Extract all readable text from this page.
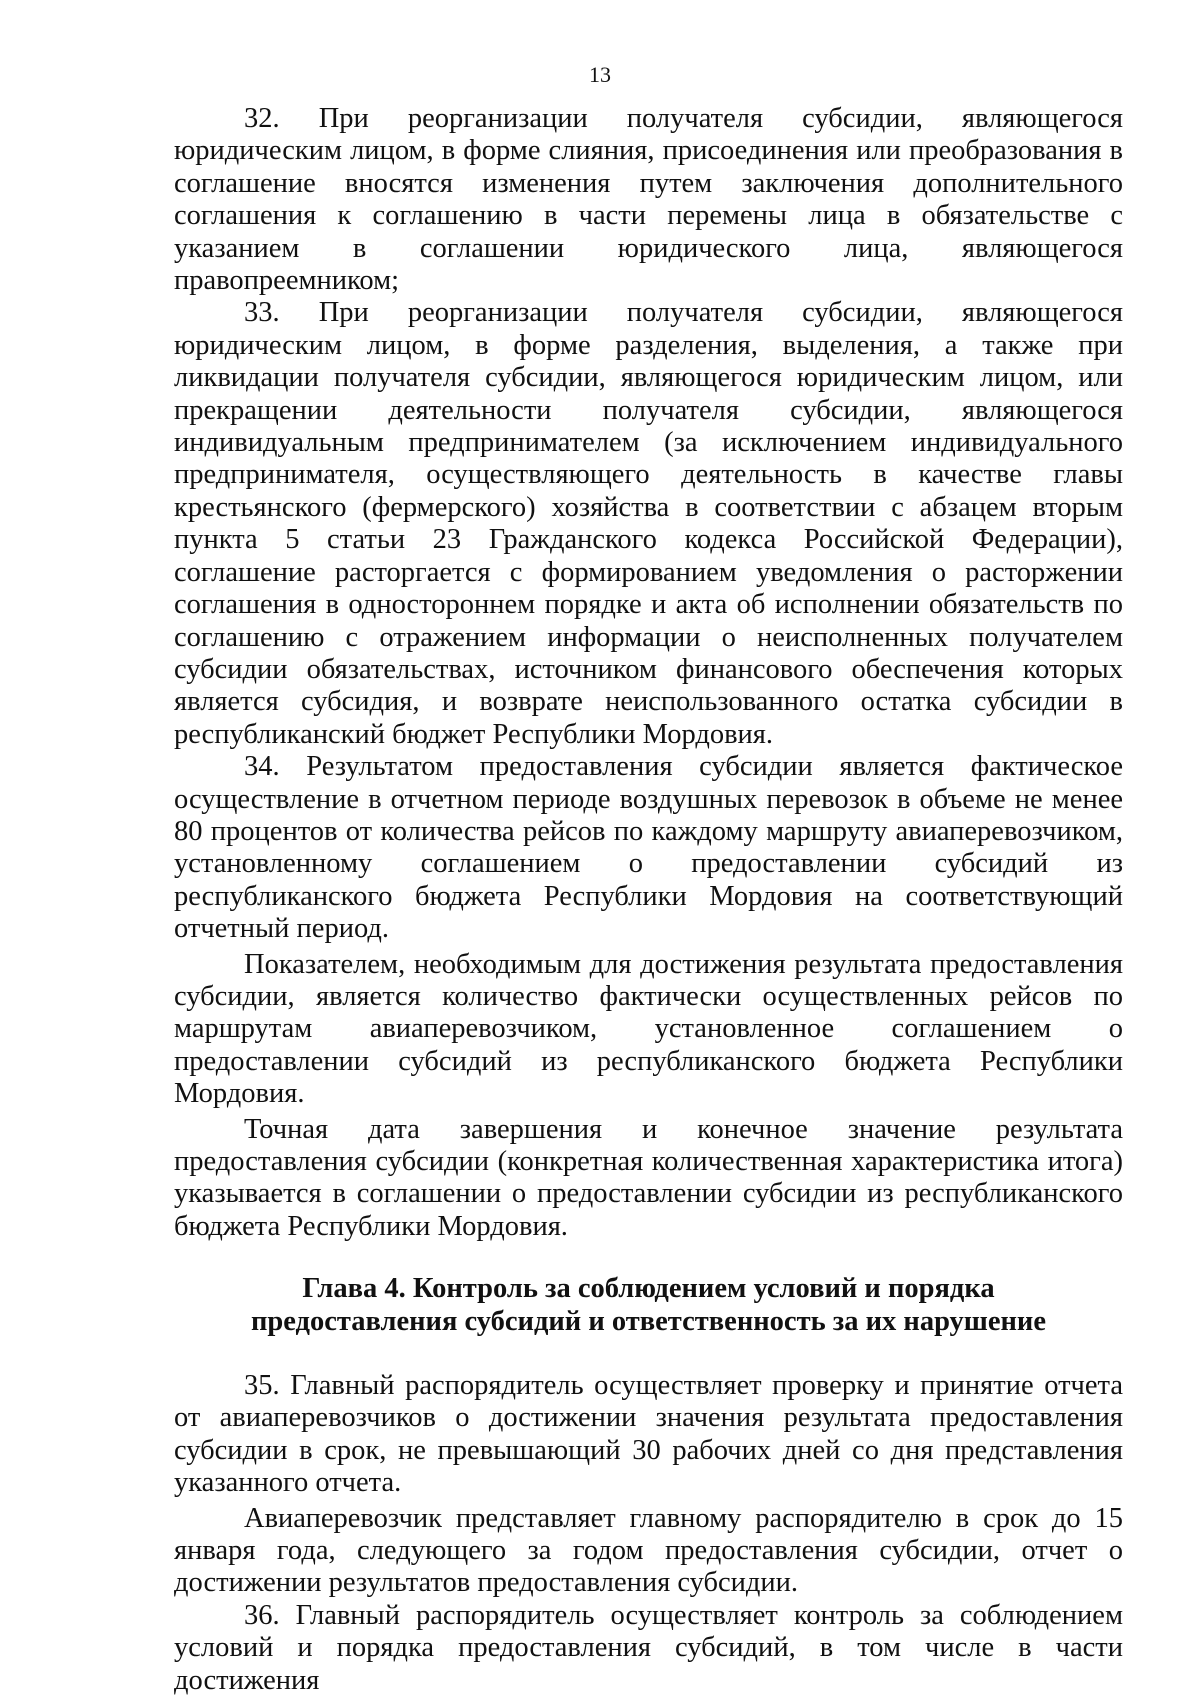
13

32. При реорганизации получателя субсидии, являющегося юридическим лицом, в форме слияния, присоединения или преобразования в соглашение вносятся изменения путем заключения дополнительного соглашения к соглашению в части перемены лица в обязательстве с указанием в соглашении юридического лица, являющегося правопреемником;

33. При реорганизации получателя субсидии, являющегося юридическим лицом, в форме разделения, выделения, а также при ликвидации получателя субсидии, являющегося юридическим лицом, или прекращении деятельности получателя субсидии, являющегося индивидуальным предпринимателем (за исключением индивидуального предпринимателя, осуществляющего деятельность в качестве главы крестьянского (фермерского) хозяйства в соответствии с абзацем вторым пункта 5 статьи 23 Гражданского кодекса Российской Федерации), соглашение расторгается с формированием уведомления о расторжении соглашения в одностороннем порядке и акта об исполнении обязательств по соглашению с отражением информации о неисполненных получателем субсидии обязательствах, источником финансового обеспечения которых является субсидия, и возврате неиспользованного остатка субсидии в республиканский бюджет Республики Мордовия.

34. Результатом предоставления субсидии является фактическое осуществление в отчетном периоде воздушных перевозок в объеме не менее 80 процентов от количества рейсов по каждому маршруту авиаперевозчиком, установленному соглашением о предоставлении субсидий из республиканского бюджета Республики Мордовия на соответствующий отчетный период.

Показателем, необходимым для достижения результата предоставления субсидии, является количество фактически осуществленных рейсов по маршрутам авиаперевозчиком, установленное соглашением о предоставлении субсидий из республиканского бюджета Республики Мордовия.

Точная дата завершения и конечное значение результата предоставления субсидии (конкретная количественная характеристика итога) указывается в соглашении о предоставлении субсидии из республиканского бюджета Республики Мордовия.

Глава 4. Контроль за соблюдением условий и порядка
предоставления субсидий и ответственность за их нарушение

35. Главный распорядитель осуществляет проверку и принятие отчета от авиаперевозчиков о достижении значения результата предоставления субсидии в срок, не превышающий 30 рабочих дней со дня представления указанного отчета.

Авиаперевозчик представляет главному распорядителю в срок до 15 января года, следующего за годом предоставления субсидии, отчет о достижении результатов предоставления субсидии.

36. Главный распорядитель осуществляет контроль за соблюдением условий и порядка предоставления субсидий, в том числе в части достижения
